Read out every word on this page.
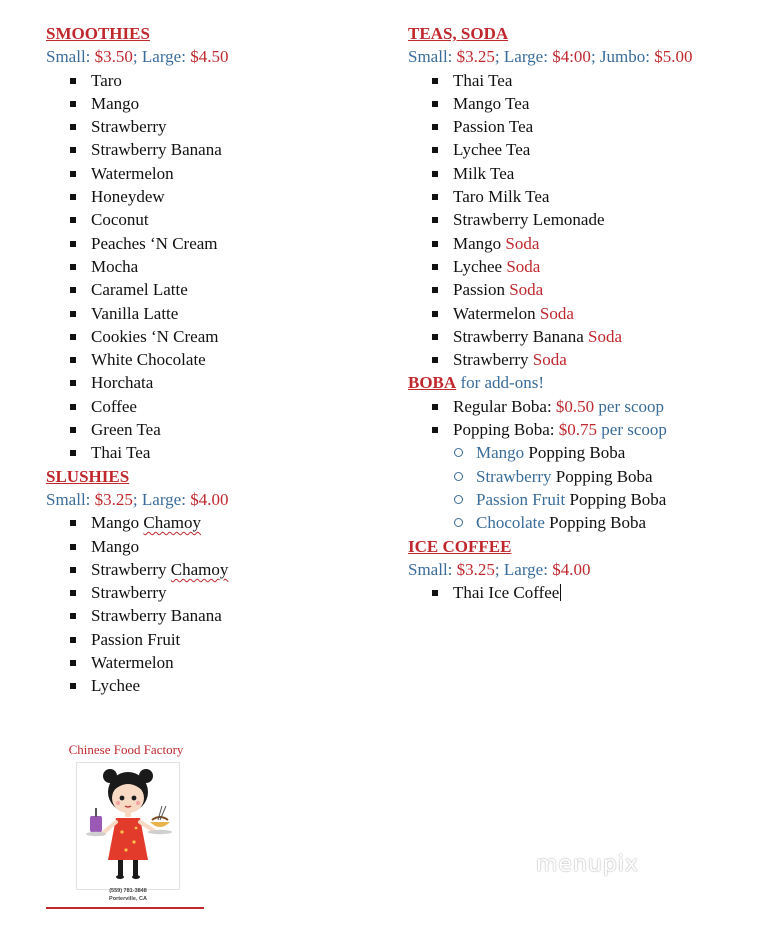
SMOOTHIES
Small: $3.50; Large: $4.50
Taro
Mango
Strawberry
Strawberry Banana
Watermelon
Honeydew
Coconut
Peaches ‘N Cream
Mocha
Caramel Latte
Vanilla Latte
Cookies ‘N Cream
White Chocolate
Horchata
Coffee
Green Tea
Thai Tea
SLUSHIES
Small: $3.25; Large: $4.00
Mango Chamoy
Mango
Strawberry Chamoy
Strawberry
Strawberry Banana
Passion Fruit
Watermelon
Lychee
TEAS, SODA
Small: $3.25; Large: $4:00; Jumbo: $5.00
Thai Tea
Mango Tea
Passion Tea
Lychee Tea
Milk Tea
Taro Milk Tea
Strawberry Lemonade
Mango Soda
Lychee Soda
Passion Soda
Watermelon Soda
Strawberry Banana Soda
Strawberry Soda
BOBA for add-ons!
Regular Boba: $0.50 per scoop
Popping Boba: $0.75 per scoop
Mango Popping Boba
Strawberry Popping Boba
Passion Fruit Popping Boba
Chocolate Popping Boba
ICE COFFEE
Small: $3.25; Large: $4.00
Thai Ice Coffee
Chinese Food Factory
(559) 781-3848
Porterville, CA
menupix
